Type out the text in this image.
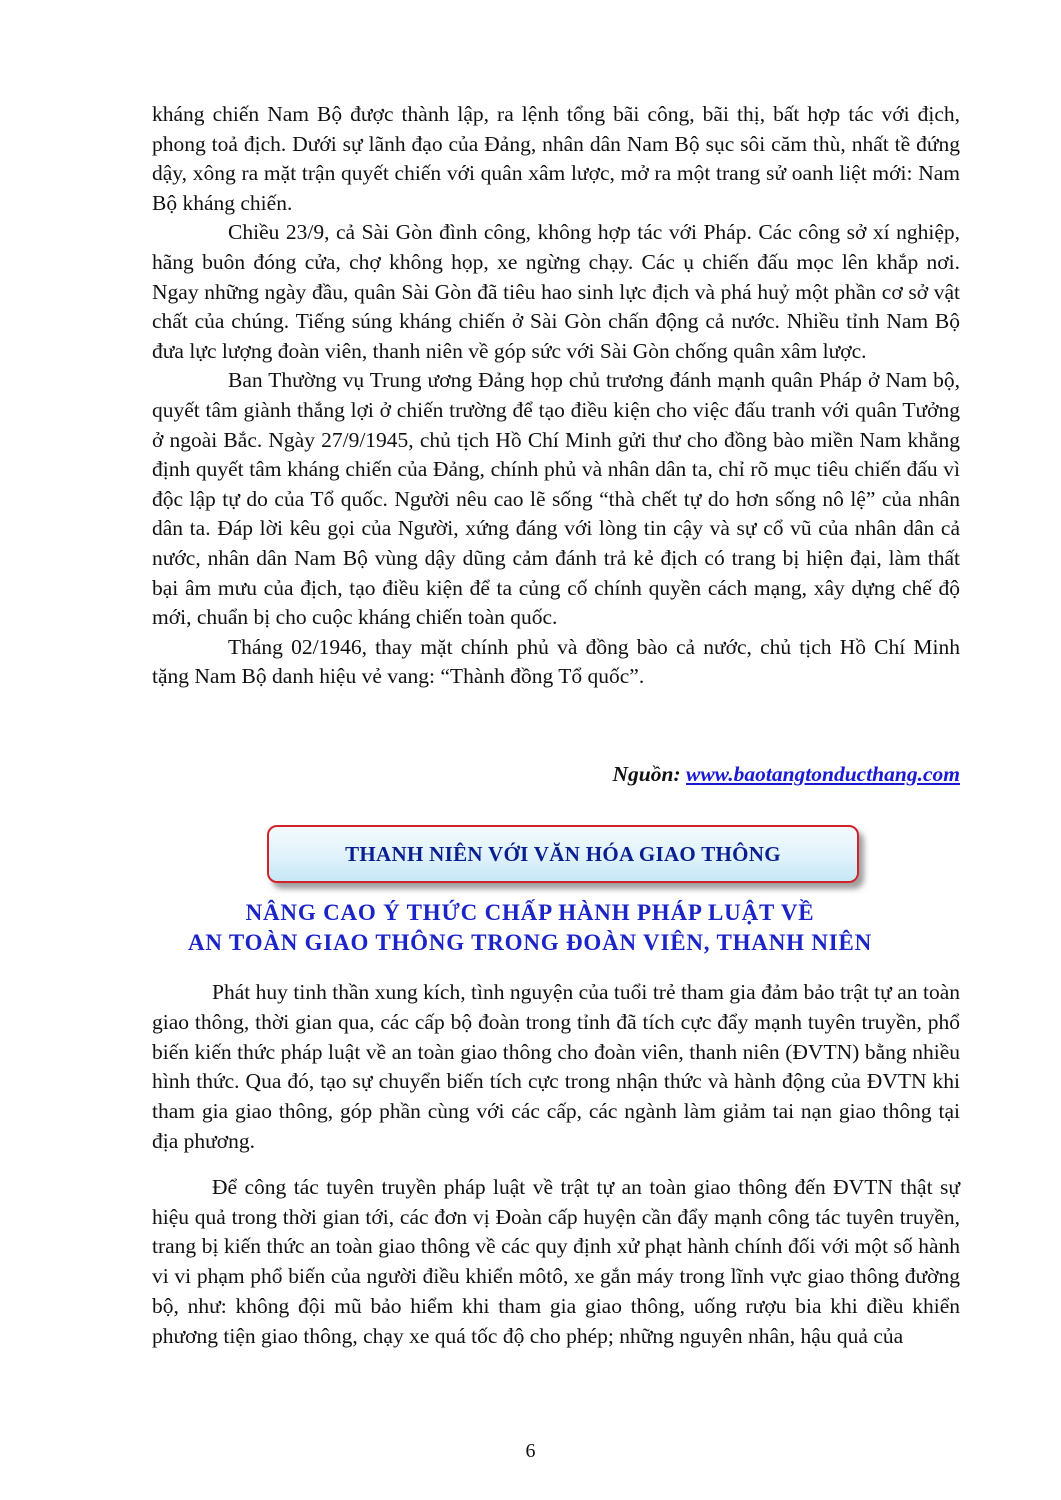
kháng chiến Nam Bộ được thành lập, ra lệnh tổng bãi công, bãi thị, bất hợp tác với địch, phong toả địch. Dưới sự lãnh đạo của Đảng, nhân dân Nam Bộ sục sôi căm thù, nhất tề đứng dậy, xông ra mặt trận quyết chiến với quân xâm lược, mở ra một trang sử oanh liệt mới: Nam Bộ kháng chiến.

Chiều 23/9, cả Sài Gòn đình công, không hợp tác với Pháp. Các công sở xí nghiệp, hãng buôn đóng cửa, chợ không họp, xe ngừng chạy. Các ụ chiến đấu mọc lên khắp nơi. Ngay những ngày đầu, quân Sài Gòn đã tiêu hao sinh lực địch và phá huỷ một phần cơ sở vật chất của chúng. Tiếng súng kháng chiến ở Sài Gòn chấn động cả nước. Nhiều tỉnh Nam Bộ đưa lực lượng đoàn viên, thanh niên về góp sức với Sài Gòn chống quân xâm lược.

Ban Thường vụ Trung ương Đảng họp chủ trương đánh mạnh quân Pháp ở Nam bộ, quyết tâm giành thắng lợi ở chiến trường để tạo điều kiện cho việc đấu tranh với quân Tưởng ở ngoài Bắc. Ngày 27/9/1945, chủ tịch Hồ Chí Minh gửi thư cho đồng bào miền Nam khẳng định quyết tâm kháng chiến của Đảng, chính phủ và nhân dân ta, chỉ rõ mục tiêu chiến đấu vì độc lập tự do của Tổ quốc. Người nêu cao lẽ sống “thà chết tự do hơn sống nô lệ” của nhân dân ta. Đáp lời kêu gọi của Người, xứng đáng với lòng tin cậy và sự cổ vũ của nhân dân cả nước, nhân dân Nam Bộ vùng dậy dũng cảm đánh trả kẻ địch có trang bị hiện đại, làm thất bại âm mưu của địch, tạo điều kiện để ta củng cố chính quyền cách mạng, xây dựng chế độ mới, chuẩn bị cho cuộc kháng chiến toàn quốc.

Tháng 02/1946, thay mặt chính phủ và đồng bào cả nước, chủ tịch Hồ Chí Minh tặng Nam Bộ danh hiệu vẻ vang: “Thành đồng Tổ quốc”.

Nguồn: www.baotangtonducthang.com
THANH NIÊN VỚI VĂN HÓA GIAO THÔNG
NÂNG CAO Ý THỨC CHẤP HÀNH PHÁP LUẬT VỀ
AN TOÀN GIAO THÔNG TRONG ĐOÀN VIÊN, THANH NIÊN

Phát huy tinh thần xung kích, tình nguyện của tuổi trẻ tham gia đảm bảo trật tự an toàn giao thông, thời gian qua, các cấp bộ đoàn trong tỉnh đã tích cực đẩy mạnh tuyên truyền, phổ biến kiến thức pháp luật về an toàn giao thông cho đoàn viên, thanh niên (ĐVTN) bằng nhiều hình thức. Qua đó, tạo sự chuyển biến tích cực trong nhận thức và hành động của ĐVTN khi tham gia giao thông, góp phần cùng với các cấp, các ngành làm giảm tai nạn giao thông tại địa phương.

Để công tác tuyên truyền pháp luật về trật tự an toàn giao thông đến ĐVTN thật sự hiệu quả trong thời gian tới, các đơn vị Đoàn cấp huyện cần đẩy mạnh công tác tuyên truyền, trang bị kiến thức an toàn giao thông về các quy định xử phạt hành chính đối với một số hành vi vi phạm phổ biến của người điều khiển môtô, xe gắn máy trong lĩnh vực giao thông đường bộ, như: không đội mũ bảo hiểm khi tham gia giao thông, uống rượu bia khi điều khiển phương tiện giao thông, chạy xe quá tốc độ cho phép; những nguyên nhân, hậu quả của

6
